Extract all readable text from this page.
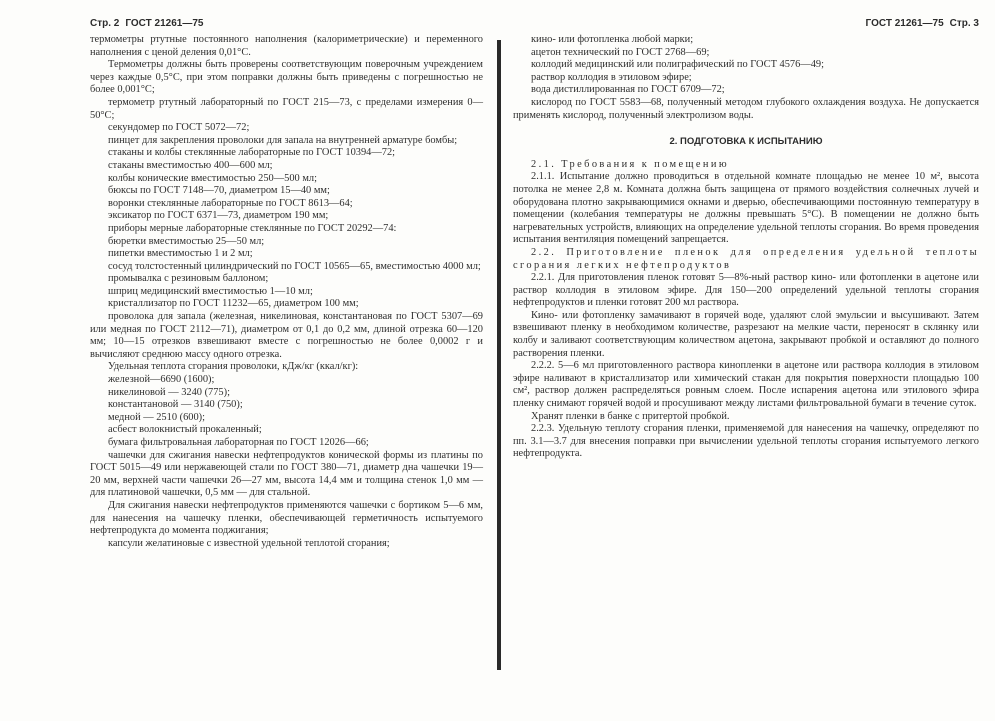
Стр. 2 ГОСТ 21261—75

термометры ртутные постоянного наполнения (калориметрические) и переменного наполнения с ценой деления 0,01°С.

Термометры должны быть проверены соответствующим поверочным учреждением через каждые 0,5°С, при этом поправки должны быть приведены с погрешностью не более 0,001°С;

термометр ртутный лабораторный по ГОСТ 215—73, с пределами измерения 0—50°С;

секундомер по ГОСТ 5072—72;

пинцет для закрепления проволоки для запала на внутренней арматуре бомбы;

стаканы и колбы стеклянные лабораторные по ГОСТ 10394—72;

стаканы вместимостью 400—600 мл;

колбы конические вместимостью 250—500 мл;

бюксы по ГОСТ 7148—70, диаметром 15—40 мм;

воронки стеклянные лабораторные по ГОСТ 8613—64;

эксикатор по ГОСТ 6371—73, диаметром 190 мм;

приборы мерные лабораторные стеклянные по ГОСТ 20292—74:

бюретки вместимостью 25—50 мл;

пипетки вместимостью 1 и 2 мл;

сосуд толстостенный цилиндрический по ГОСТ 10565—65, вместимостью 4000 мл;

промывалка с резиновым баллоном;

шприц медицинский вместимостью 1—10 мл;

кристаллизатор по ГОСТ 11232—65, диаметром 100 мм;

проволока для запала (железная, никелиновая, константановая по ГОСТ 5307—69 или медная по ГОСТ 2112—71), диаметром от 0,1 до 0,2 мм, длиной отрезка 60—120 мм; 10—15 отрезков взвешивают вместе с погрешностью не более 0,0002 г и вычисляют среднюю массу одного отрезка.

Удельная теплота сгорания проволоки, кДж/кг (ккал/кг):

железной—6690 (1600);

никелиновой — 3240 (775);

константановой — 3140 (750);

медной — 2510 (600);

асбест волокнистый прокаленный;

бумага фильтровальная лабораторная по ГОСТ 12026—66;

чашечки для сжигания навески нефтепродуктов конической формы из платины по ГОСТ 5015—49 или нержавеющей стали по ГОСТ 380—71, диаметр дна чашечки 19—20 мм, верхней части чашечки 26—27 мм, высота 14,4 мм и толщина стенок 1,0 мм — для платиновой чашечки, 0,5 мм — для стальной.

Для сжигания навески нефтепродуктов применяются чашечки с бортиком 5—6 мм, для нанесения на чашечку пленки, обеспечивающей герметичность испытуемого нефтепродукта до момента поджигания;

капсули желатиновые с известной удельной теплотой сгорания;

ГОСТ 21261—75 Стр. 3

кино- или фотопленка любой марки;

ацетон технический по ГОСТ 2768—69;

коллодий медицинский или полиграфический по ГОСТ 4576—49;

раствор коллодия в этиловом эфире;

вода дистиллированная по ГОСТ 6709—72;

кислород по ГОСТ 5583—68, полученный методом глубокого охлаждения воздуха. Не допускается применять кислород, полученный электролизом воды.

2. ПОДГОТОВКА К ИСПЫТАНИЮ

2.1. Требования к помещению

2.1.1. Испытание должно проводиться в отдельной комнате площадью не менее 10 м², высота потолка не менее 2,8 м. Комната должна быть защищена от прямого воздействия солнечных лучей и оборудована плотно закрывающимися окнами и дверью, обеспечивающими постоянную температуру в помещении (колебания температуры не должны превышать 5°С). В помещении не должно быть нагревательных устройств, влияющих на определение удельной теплоты сгорания. Во время проведения испытания вентиляция помещений запрещается.

2.2. Приготовление пленок для определения удельной теплоты сгорания легких нефтепродуктов

2.2.1. Для приготовления пленок готовят 5—8%-ный раствор кино- или фотопленки в ацетоне или раствор коллодия в этиловом эфире. Для 150—200 определений удельной теплоты сгорания нефтепродуктов и пленки готовят 200 мл раствора.

Кино- или фотопленку замачивают в горячей воде, удаляют слой эмульсии и высушивают. Затем взвешивают пленку в необходимом количестве, разрезают на мелкие части, переносят в склянку или колбу и заливают соответствующим количеством ацетона, закрывают пробкой и оставляют до полного растворения пленки.

2.2.2. 5—6 мл приготовленного раствора кинопленки в ацетоне или раствора коллодия в этиловом эфире наливают в кристаллизатор или химический стакан для покрытия поверхности площадью 100 см², раствор должен распределяться ровным слоем. После испарения ацетона или этилового эфира пленку снимают горячей водой и просушивают между листами фильтровальной бумаги в течение суток.

Хранят пленки в банке с притертой пробкой.

2.2.3. Удельную теплоту сгорания пленки, применяемой для нанесения на чашечку, определяют по пп. 3.1—3.7 для внесения поправки при вычислении удельной теплоты сгорания испытуемого легкого нефтепродукта.
